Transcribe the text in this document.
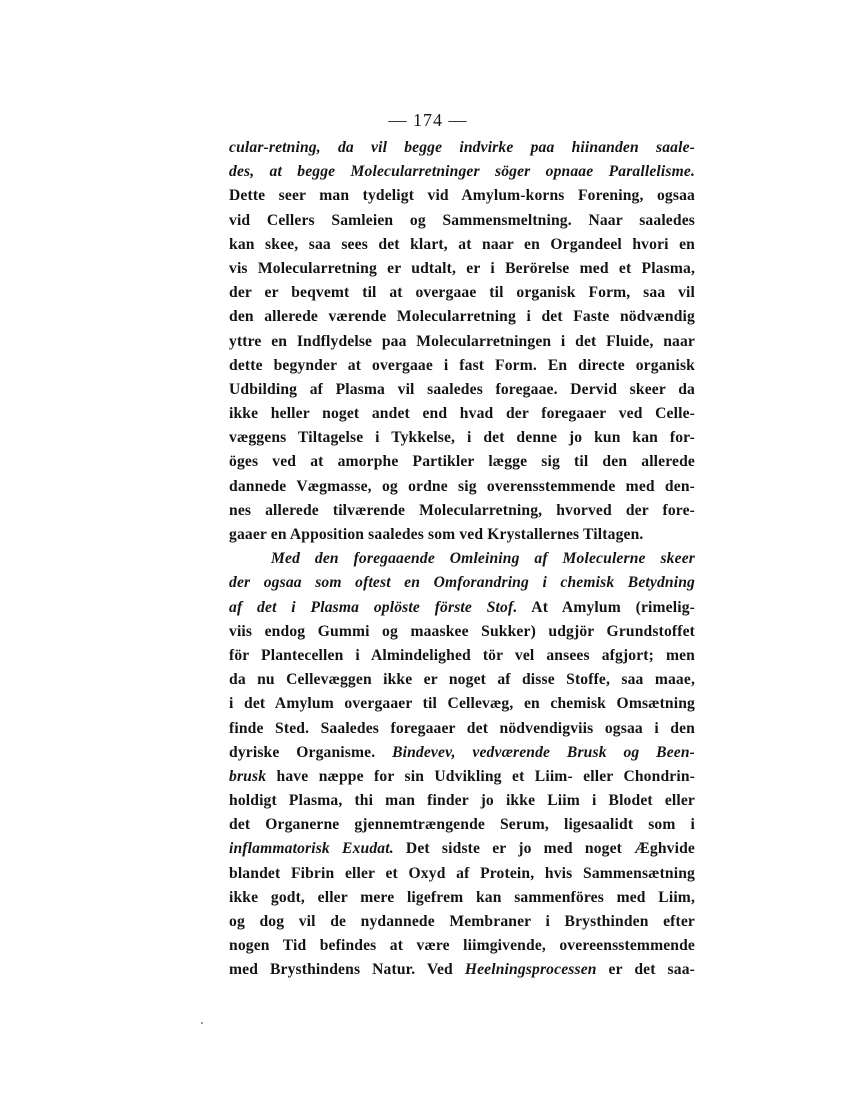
— 174 —
cular-retning, da vil begge indvirke paa hiinanden saale-
des, at begge Molecularretninger söger opnaae Parallelisme.
Dette seer man tydeligt vid Amylum-korns Forening, ogsaa
vid Cellers Samleien og Sammensmeltning. Naar saaledes
kan skee, saa sees det klart, at naar en Organdeel hvori en
vis Molecularretning er udtalt, er i Berörelse med et Plasma,
der er beqvemt til at overgaae til organisk Form, saa vil
den allerede værende Molecularretning i det Faste nödvændig
yttre en Indflydelse paa Molecularretningen i det Fluide, naar
dette begynder at overgaae i fast Form. En directe organisk
Udbilding af Plasma vil saaledes foregaae. Dervid skeer da
ikke heller noget andet end hvad der foregaaer ved Celle-
væggens Tiltagelse i Tykkelse, i det denne jo kun kan for-
öges ved at amorphe Partikler lægge sig til den allerede
dannede Vægmasse, og ordne sig overensstemmende med den-
nes allerede tilværende Molecularretning, hvorved der fore-
gaaer en Apposition saaledes som ved Krystallernes Tiltagen.
Med den foregaaende Omleining af Moleculerne skeer
der ogsaa som oftest en Omforandring i chemisk Betydning
af det i Plasma oplöste förste Stof. At Amylum (rimelig-
viis endog Gummi og maaskee Sukker) udgjör Grundstoffet
för Plantecellen i Almindelighed tör vel ansees afgjort; men
da nu Cellevæggen ikke er noget af disse Stoffe, saa maae,
i det Amylum overgaaer til Cellevæg, en chemisk Omsætning
finde Sted. Saaledes foregaaer det nödvendigviis ogsaa i den
dyriske Organisme. Bindevev, vedværende Brusk og Been-
brusk have næppe for sin Udvikling et Liim- eller Chondrin-
holdigt Plasma, thi man finder jo ikke Liim i Blodet eller
det Organerne gjennemtrængende Serum, ligesaalidt som i
inflammatorisk Exudat. Det sidste er jo med noget Æghvide
blandet Fibrin eller et Oxyd af Protein, hvis Sammensætning
ikke godt, eller mere ligefrem kan sammenföres med Liim,
og dog vil de nydannede Membraner i Brysthinden efter
nogen Tid befindes at være liimgivende, overeensstemmende
med Brysthindens Natur. Ved Heelningsprocessen er det saa-
